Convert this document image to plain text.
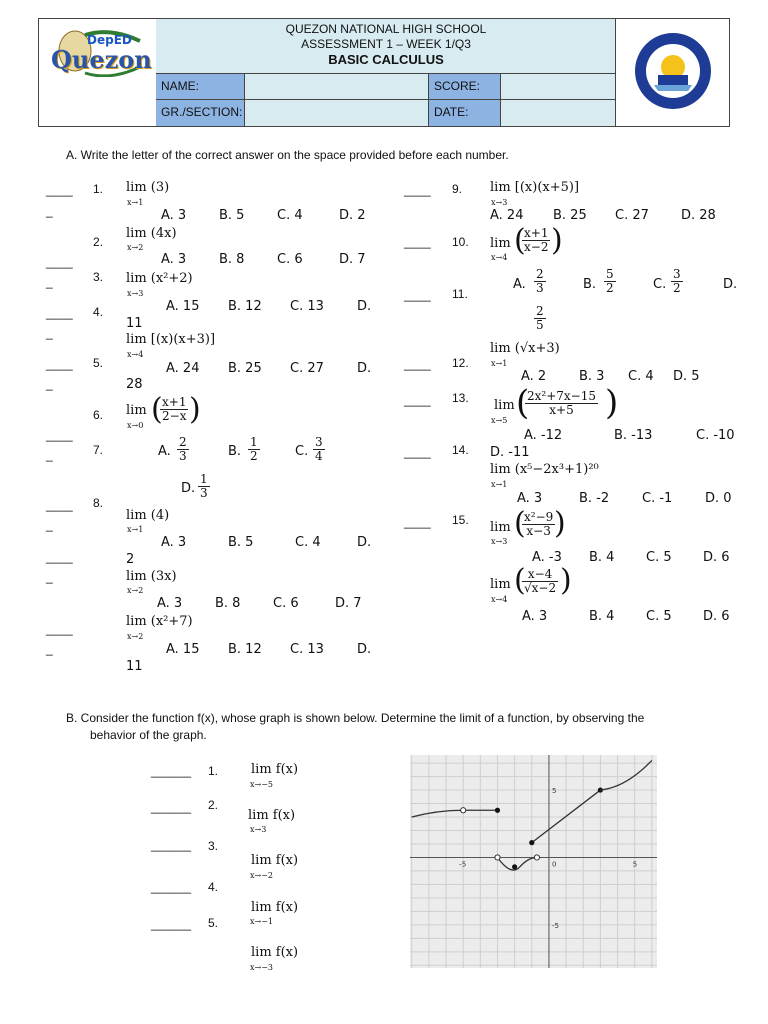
DepED
Quezon
QUEZON NATIONAL HIGH SCHOOL
ASSESSMENT 1 – WEEK 1/Q3
BASIC CALCULUS
NAME:	SCORE:
GR./SECTION:	DATE:
A. Write the letter of the correct answer on the space provided before each number.
____
_
____
_
____
_
____
_
____
_
____
_
____
_
____
_
1.
2.
3.
4.
5.
6.
7.
8.
lim (3)
x→1
A. 3	B. 5	C. 4	D. 2
lim (4x)
x→2
A. 3	B. 8	C. 6	D. 7
lim (x²+2)
x→3
A. 15 B. 12 C. 13	D.
11
lim [(x)(x+3)]
x→4
A. 24 B. 25 C. 27	D.
28
lim
x→0 (
$\frac{x+1}{2-x}$ )
A. $\frac{2}{3}$	B. $\frac{1}{2}$	C. $\frac{3}{4}$
D. $\frac{1}{3}$
lim (4)
x→1
A. 3	B. 5	C. 4	D.
2
lim (3x)
x→2
A. 3	B. 8	C. 6	D. 7
lim (x²+7)
x→2
A. 15 B. 12 C. 13	D.
11
____
____
____
____
____
____
____
9.
10.
11.
12.
13.
14.
15.
lim [(x)(x+5)]
x→3
A. 24 B. 25 C. 27 D. 28
lim
x→4 (
$\frac{x+1}{x-2}$ )
A. $\frac{2}{3}$	B. $\frac{5}{2}$	C. $\frac{3}{2}$	D.
$\frac{2}{5}$
lim (√x+3)
x→1
A. 2	B. 3 C. 4 D. 5
lim
x→5 (
$\frac{\text{2x²+7x−15}}{x+5}$ )
A. -12	B. -13	C. -10
D. -11
lim (x⁵−2x³+1)²⁰
x→1
A. 3	B. -2	C. -1	D. 0
lim
x→3
(
$\frac{\text{x²−9}}{x-3}$
)
A. -3 B. 4 C. 5 D. 6
lim
x→4
(
$\frac{x-4}{√x-2}$ )
A. 3	B. 4 C. 5 D. 6
B. Consider the function f(x), whose graph is shown below. Determine the limit of a function, by observing the
behavior of the graph.
______
______
______
______
______
1.
2.
3.
4.
5.
lim f(x)
x→−5
lim f(x)
x→3
lim f(x)
x→−2
lim f(x)
x→−1
lim f(x)
x→−3
-5	0	5
5
-5
